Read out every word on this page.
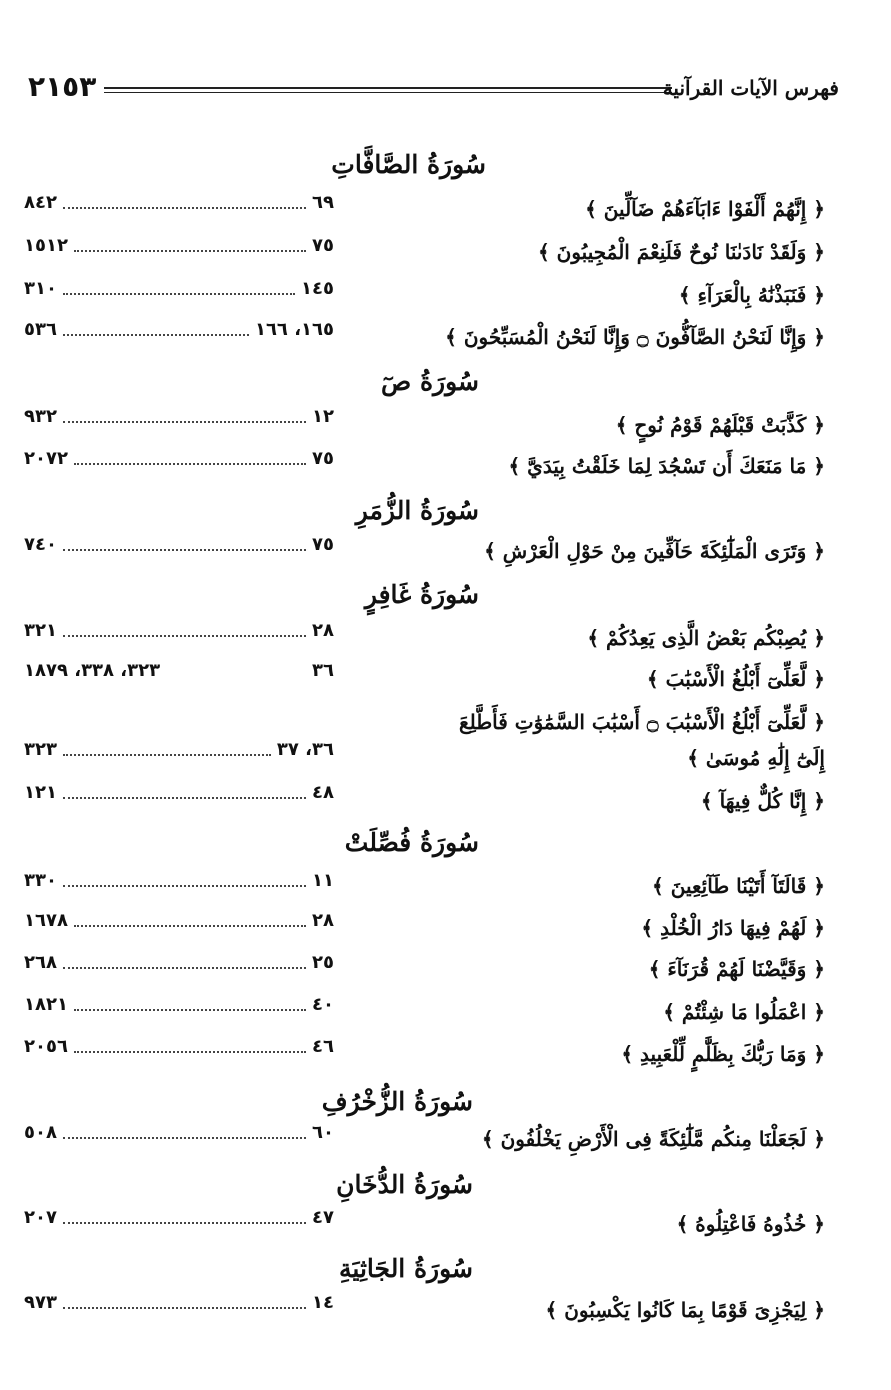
٢١٥٣	فهرس الآيات القرآنية
سُورَةُ الصَّافَّاتِ
سُورَةُ صٓ
سُورَةُ الزُّمَرِ
سُورَةُ غَافِرٍ
سُورَةُ فُصِّلَتْ
سُورَةُ الزُّخْرُفِ
سُورَةُ الدُّخَانِ
سُورَةُ الجَاثِيَةِ
﴿ إِنَّهُمْ أَلْفَوْا ءَابَآءَهُمْ ضَآلِّينَ ﴾
﴿ وَلَقَدْ نَادَىٰنَا نُوحٌ فَلَنِعْمَ الْمُجِيبُونَ ﴾
﴿ فَنَبَذْنَٰهُ بِالْعَرَآءِ ﴾
﴿ وَإِنَّا لَنَحْنُ الصَّآفُّونَ ۝ وَإِنَّا لَنَحْنُ الْمُسَبِّحُونَ ﴾
﴿ كَذَّبَتْ قَبْلَهُمْ قَوْمُ نُوحٍ ﴾
﴿ مَا مَنَعَكَ أَن تَسْجُدَ لِمَا خَلَقْتُ بِيَدَيَّ ﴾
﴿ وَتَرَى الْمَلَٰٓئِكَةَ حَآفِّينَ مِنْ حَوْلِ الْعَرْشِ ﴾
﴿ يُصِبْكُم بَعْضُ الَّذِى يَعِدُكُمْ ﴾
﴿ لَّعَلِّىٓ أَبْلُغُ الْأَسْبَٰبَ ﴾
﴿ لَّعَلِّىٓ أَبْلُغُ الْأَسْبَٰبَ ۝ أَسْبَٰبَ السَّمَٰوَٰتِ فَأَطَّلِعَ
إِلَىٰٓ إِلَٰهِ مُوسَىٰ ﴾
﴿ إِنَّا كُلٌّ فِيهَآ ﴾
﴿ قَالَتَآ أَتَيْنَا طَآئِعِينَ ﴾
﴿ لَهُمْ فِيهَا دَارُ الْخُلْدِ ﴾
﴿ وَقَيَّضْنَا لَهُمْ قُرَنَآءَ ﴾
﴿ اعْمَلُوا مَا شِئْتُمْ ﴾
﴿ وَمَا رَبُّكَ بِظَلَّٰمٍ لِّلْعَبِيدِ ﴾
﴿ لَجَعَلْنَا مِنكُم مَّلَٰٓئِكَةً فِى الْأَرْضِ يَخْلُفُونَ ﴾
﴿ خُذُوهُ فَاعْتِلُوهُ ﴾
﴿ لِيَجْزِىَ قَوْمًا بِمَا كَانُوا يَكْسِبُونَ ﴾
٦٩
٨٤٢
٧٥
١٥١٢
١٤٥
٣١٠
١٦٥، ١٦٦
٥٣٦
١٢
٩٣٢
٧٥
٢٠٧٢
٧٥
٧٤٠
٢٨
٣٢١
٣٦
٣٢٣، ٣٣٨، ١٨٧٩
٣٦، ٣٧
٣٢٣
٤٨
١٢١
١١
٣٣٠
٢٨
١٦٧٨
٢٥
٢٦٨
٤٠
١٨٢١
٤٦
٢٠٥٦
٦٠
٥٠٨
٤٧
٢٠٧
١٤
٩٧٣
